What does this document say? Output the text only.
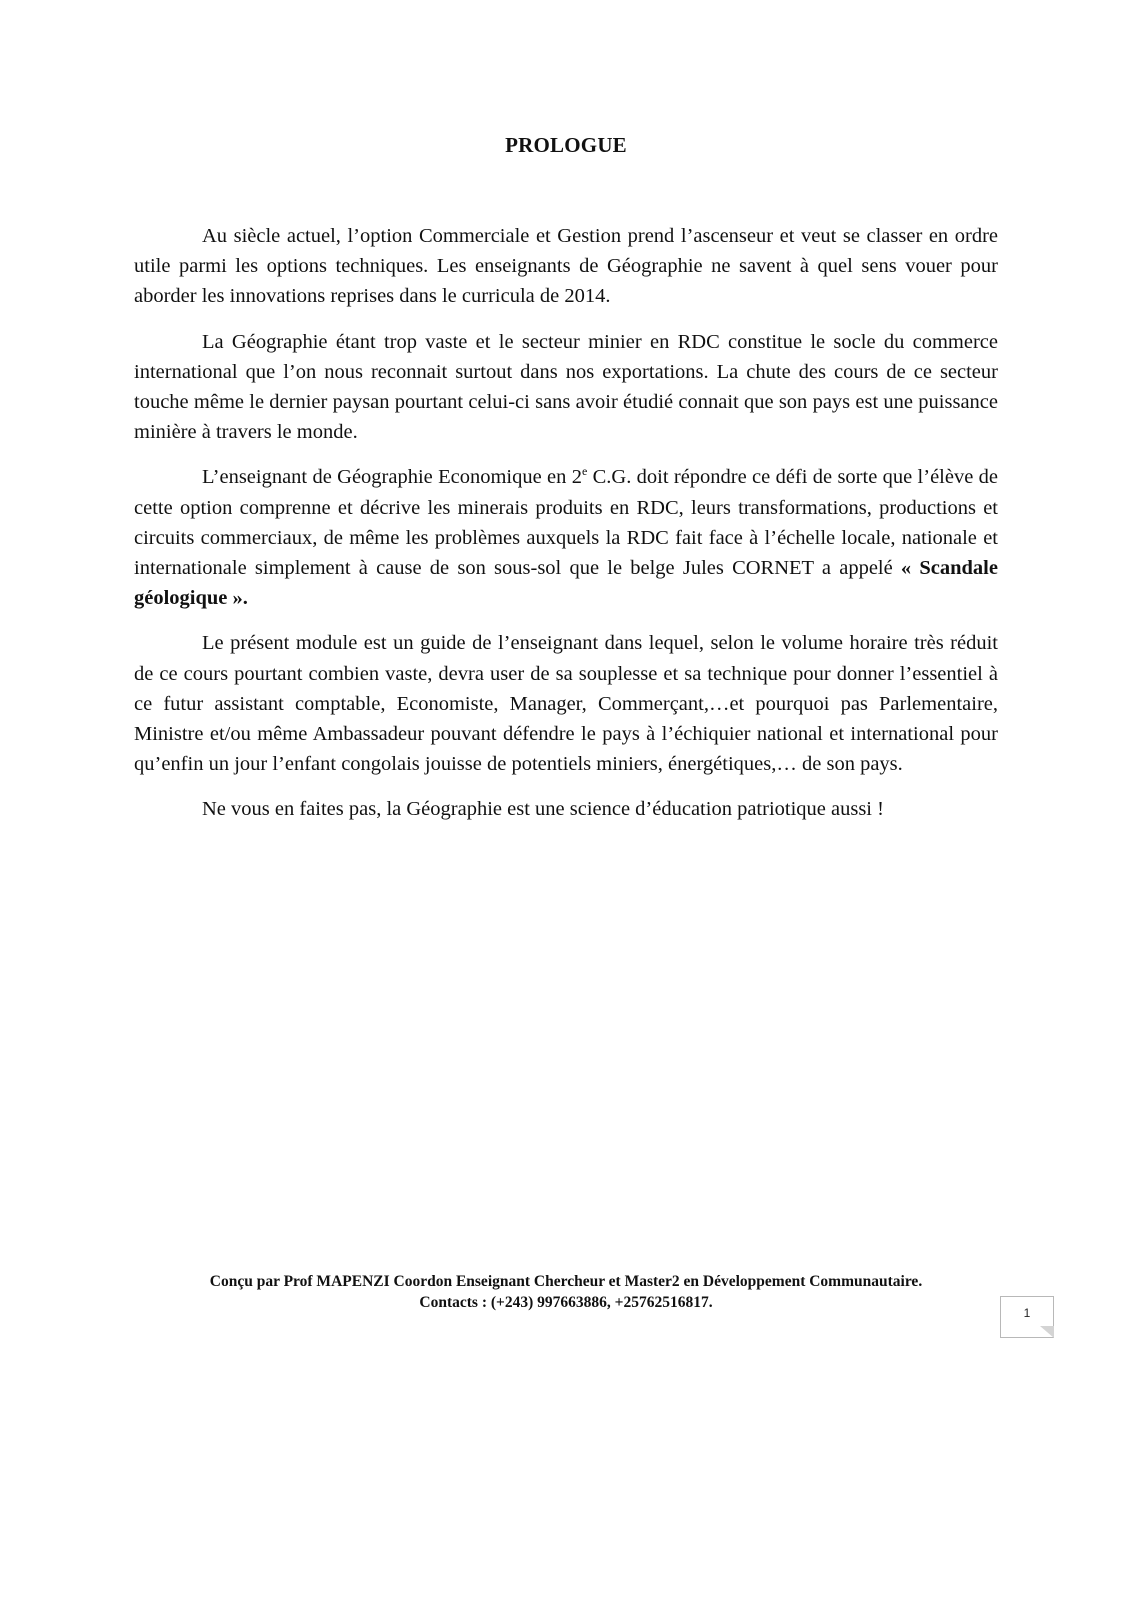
PROLOGUE

Au siècle actuel, l’option Commerciale et Gestion prend l’ascenseur et veut se classer en ordre utile parmi les options techniques. Les enseignants de Géographie ne savent à quel sens vouer pour aborder les innovations reprises dans le curricula de 2014.

La Géographie étant trop vaste et le secteur minier en RDC constitue le socle du commerce international que l’on nous reconnait surtout dans nos exportations. La chute des cours de ce secteur touche même le dernier paysan pourtant celui-ci sans avoir étudié connait que son pays est une puissance minière à travers le monde.

L’enseignant de Géographie Economique en 2e C.G. doit répondre ce défi de sorte que l’élève de cette option comprenne et décrive les minerais produits en RDC, leurs transformations, productions et circuits commerciaux, de même les problèmes auxquels la RDC fait face à l’échelle locale, nationale et internationale simplement à cause de son sous-sol que le belge Jules CORNET a appelé « Scandale géologique ».

Le présent module est un guide de l’enseignant dans lequel, selon le volume horaire très réduit de ce cours pourtant combien vaste, devra user de sa souplesse et sa technique pour donner l’essentiel à ce futur assistant comptable, Economiste, Manager, Commerçant,…et pourquoi pas Parlementaire, Ministre et/ou même Ambassadeur pouvant défendre le pays à l’échiquier national et international pour qu’enfin un jour l’enfant congolais jouisse de potentiels miniers, énergétiques,… de son pays.

Ne vous en faites pas, la Géographie est une science d’éducation patriotique aussi !

Conçu par Prof MAPENZI Coordon Enseignant Chercheur et Master2 en Développement Communautaire.
Contacts : (+243) 997663886, +25762516817.
1
